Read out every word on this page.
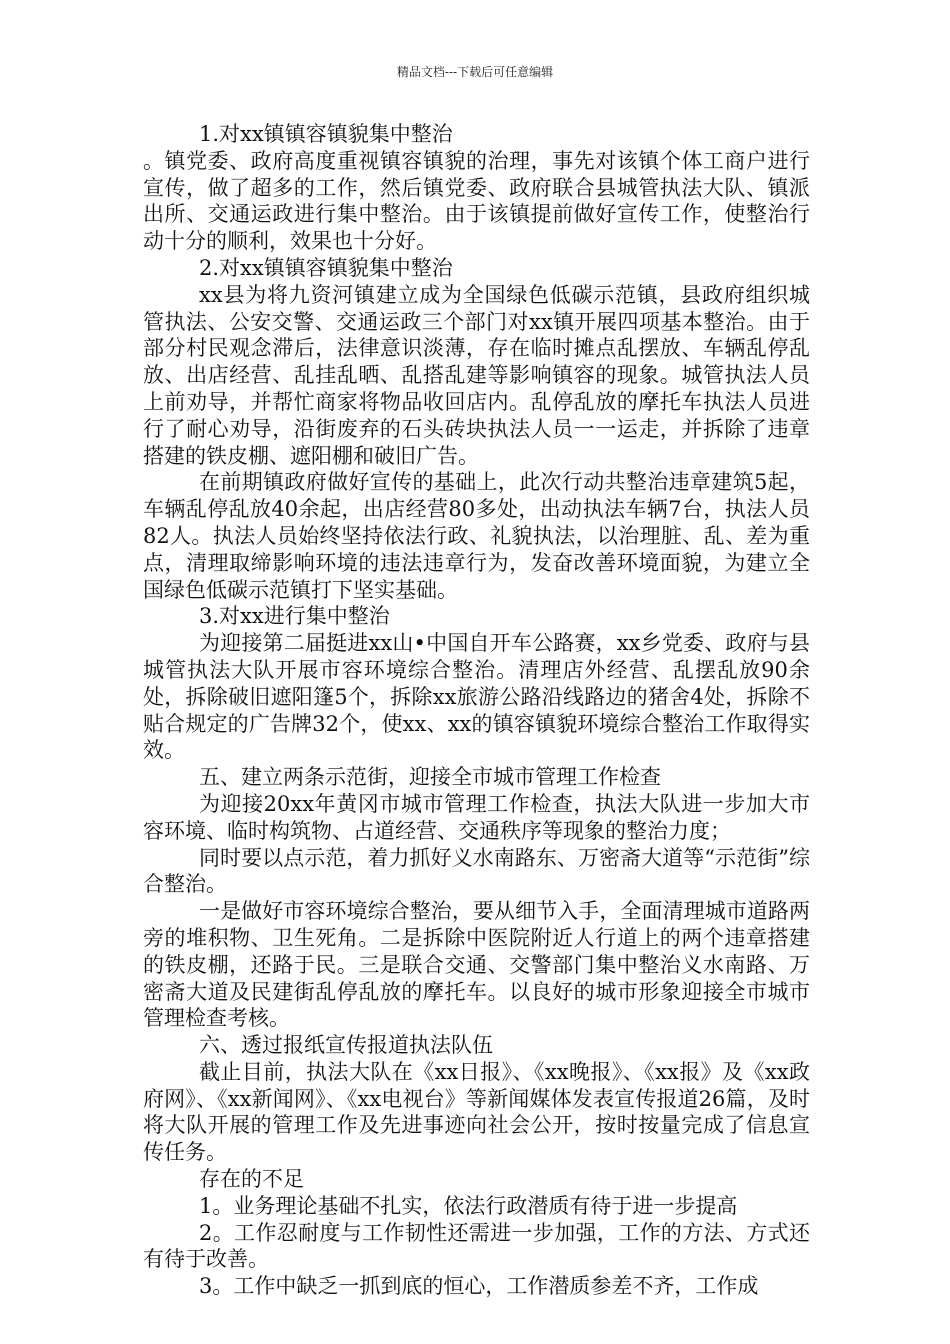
精品文档---下载后可任意编辑

1.对xx镇镇容镇貌集中整治

。镇党委、政府高度重视镇容镇貌的治理，事先对该镇个体工商户进行宣传，做了超多的工作，然后镇党委、政府联合县城管执法大队、镇派出所、交通运政进行集中整治。由于该镇提前做好宣传工作，使整治行动十分的顺利，效果也十分好。

2.对xx镇镇容镇貌集中整治

xx县为将九资河镇建立成为全国绿色低碳示范镇，县政府组织城管执法、公安交警、交通运政三个部门对xx镇开展四项基本整治。由于部分村民观念滞后，法律意识淡薄，存在临时摊点乱摆放、车辆乱停乱放、出店经营、乱挂乱晒、乱搭乱建等影响镇容的现象。城管执法人员上前劝导，并帮忙商家将物品收回店内。乱停乱放的摩托车执法人员进行了耐心劝导，沿街废弃的石头砖块执法人员一一运走，并拆除了违章搭建的铁皮棚、遮阳棚和破旧广告。

在前期镇政府做好宣传的基础上，此次行动共整治违章建筑5起，车辆乱停乱放40余起，出店经营80多处，出动执法车辆7台，执法人员82人。执法人员始终坚持依法行政、礼貌执法，以治理脏、乱、差为重点，清理取缔影响环境的违法违章行为，发奋改善环境面貌，为建立全国绿色低碳示范镇打下坚实基础。

3.对xx进行集中整治

为迎接第二届挺进xx山•中国自开车公路赛，xx乡党委、政府与县城管执法大队开展市容环境综合整治。清理店外经营、乱摆乱放90余处，拆除破旧遮阳篷5个，拆除xx旅游公路沿线路边的猪舍4处，拆除不贴合规定的广告牌32个，使xx、xx的镇容镇貌环境综合整治工作取得实效。

五、建立两条示范街，迎接全市城市管理工作检查

为迎接20xx年黄冈市城市管理工作检查，执法大队进一步加大市容环境、临时构筑物、占道经营、交通秩序等现象的整治力度；

同时要以点示范，着力抓好义水南路东、万密斋大道等“示范街”综合整治。

一是做好市容环境综合整治，要从细节入手，全面清理城市道路两旁的堆积物、卫生死角。二是拆除中医院附近人行道上的两个违章搭建的铁皮棚，还路于民。三是联合交通、交警部门集中整治义水南路、万密斋大道及民建街乱停乱放的摩托车。以良好的城市形象迎接全市城市管理检查考核。

六、透过报纸宣传报道执法队伍

截止目前，执法大队在《xx日报》、《xx晚报》、《xx报》及《xx政府网》、《xx新闻网》、《xx电视台》等新闻媒体发表宣传报道26篇，及时将大队开展的管理工作及先进事迹向社会公开，按时按量完成了信息宣传任务。

存在的不足

1。业务理论基础不扎实，依法行政潜质有待于进一步提高

2。工作忍耐度与工作韧性还需进一步加强，工作的方法、方式还有待于改善。

3。工作中缺乏一抓到底的恒心，工作潜质参差不齐，工作成
